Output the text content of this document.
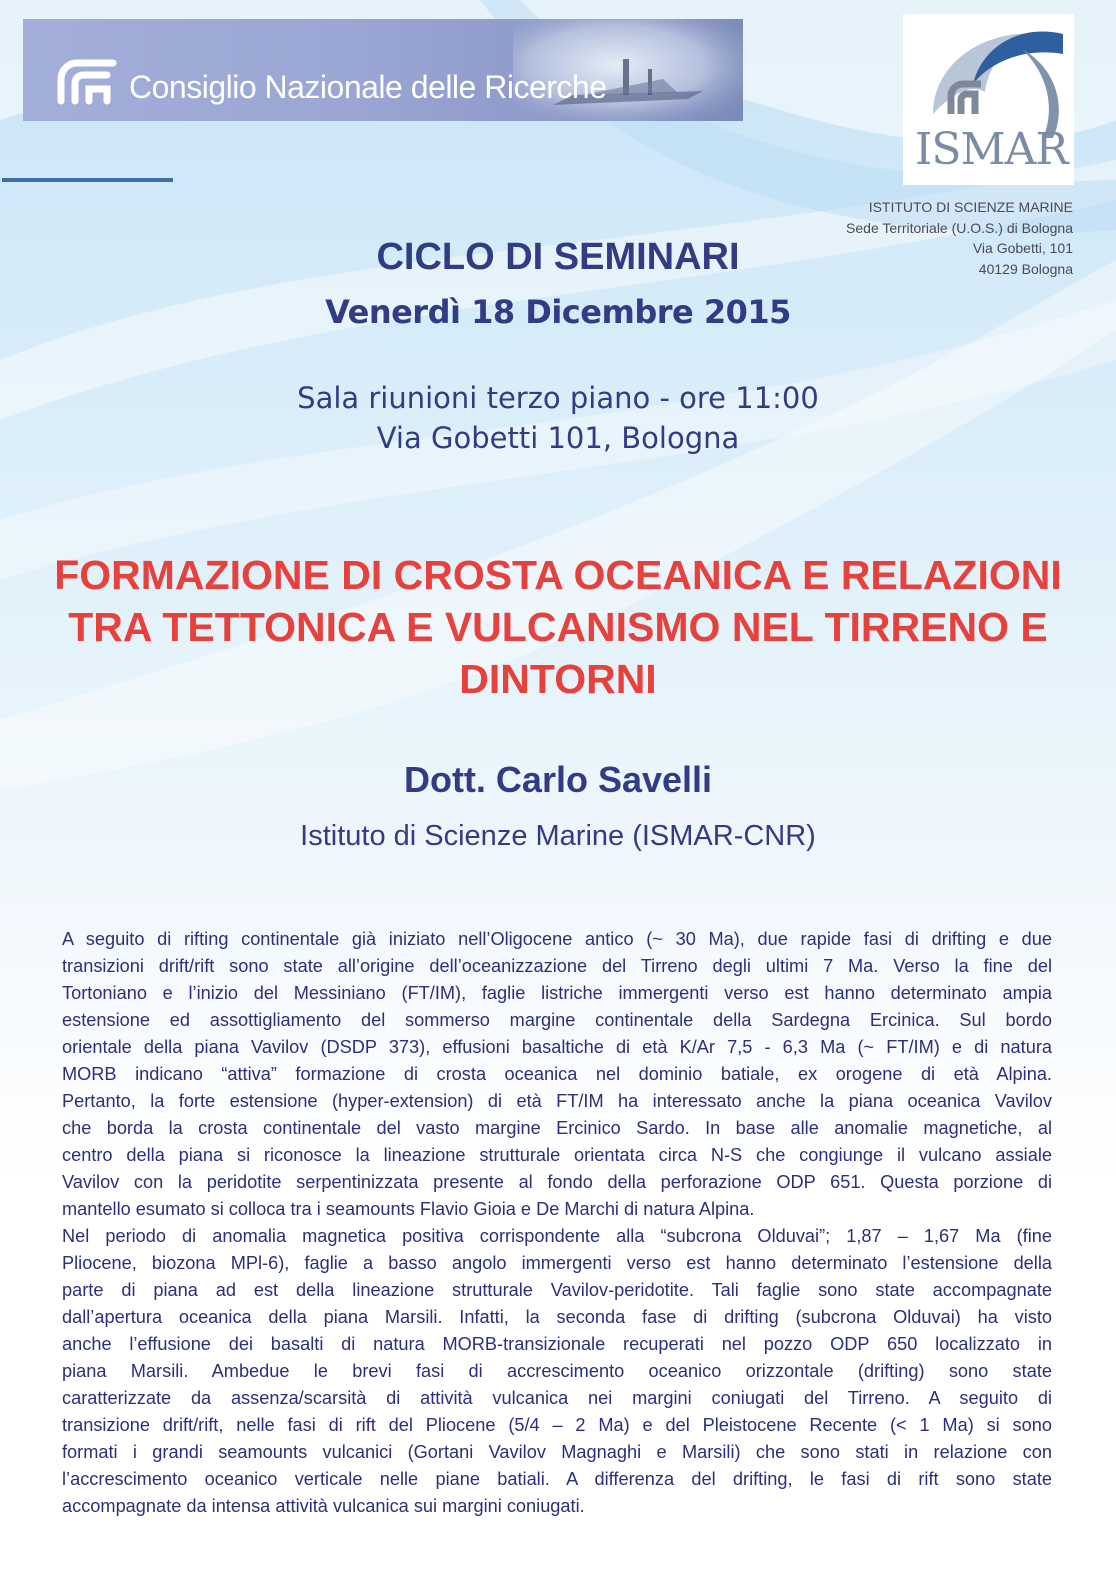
Consiglio Nazionale delle Ricerche
ISMAR
ISTITUTO DI SCIENZE MARINE
Sede Territoriale (U.O.S.) di Bologna
Via Gobetti, 101
40129 Bologna
CICLO DI SEMINARI
Venerdì 18 Dicembre 2015
Sala riunioni terzo piano - ore 11:00
Via Gobetti 101, Bologna
FORMAZIONE DI CROSTA OCEANICA E RELAZIONI
TRA TETTONICA E VULCANISMO NEL TIRRENO E
DINTORNI
Dott. Carlo Savelli
Istituto di Scienze Marine (ISMAR-CNR)
A seguito di rifting continentale già iniziato nell’Oligocene antico (~ 30 Ma), due rapide fasi di drifting e due
transizioni drift/rift sono state all’origine dell’oceanizzazione del Tirreno degli ultimi 7 Ma. Verso la fine del
Tortoniano e l’inizio del Messiniano (FT/IM), faglie listriche immergenti verso est hanno determinato ampia
estensione ed assottigliamento del sommerso margine continentale della Sardegna Ercinica. Sul bordo
orientale della piana Vavilov (DSDP 373), effusioni basaltiche di età K/Ar 7,5 - 6,3 Ma (~ FT/IM) e di natura
MORB indicano “attiva” formazione di crosta oceanica nel dominio batiale, ex orogene di età Alpina.
Pertanto, la forte estensione (hyper-extension) di età FT/IM ha interessato anche la piana oceanica Vavilov
che borda la crosta continentale del vasto margine Ercinico Sardo. In base alle anomalie magnetiche, al
centro della piana si riconosce la lineazione strutturale orientata circa N-S che congiunge il vulcano assiale
Vavilov con la peridotite serpentinizzata presente al fondo della perforazione ODP 651. Questa porzione di
mantello esumato si colloca tra i seamounts Flavio Gioia e De Marchi di natura Alpina.
Nel periodo di anomalia magnetica positiva corrispondente alla “subcrona Olduvai”; 1,87 – 1,67 Ma (fine
Pliocene, biozona MPl-6), faglie a basso angolo immergenti verso est hanno determinato l’estensione della
parte di piana ad est della lineazione strutturale Vavilov-peridotite. Tali faglie sono state accompagnate
dall’apertura oceanica della piana Marsili. Infatti, la seconda fase di drifting (subcrona Olduvai) ha visto
anche l’effusione dei basalti di natura MORB-transizionale recuperati nel pozzo ODP 650 localizzato in
piana Marsili. Ambedue le brevi fasi di accrescimento oceanico orizzontale (drifting) sono state
caratterizzate da assenza/scarsità di attività vulcanica nei margini coniugati del Tirreno. A seguito di
transizione drift/rift, nelle fasi di rift del Pliocene (5/4 – 2 Ma) e del Pleistocene Recente (< 1 Ma) si sono
formati i grandi seamounts vulcanici (Gortani Vavilov Magnaghi e Marsili) che sono stati in relazione con
l’accrescimento oceanico verticale nelle piane batiali. A differenza del drifting, le fasi di rift sono state
accompagnate da intensa attività vulcanica sui margini coniugati.
